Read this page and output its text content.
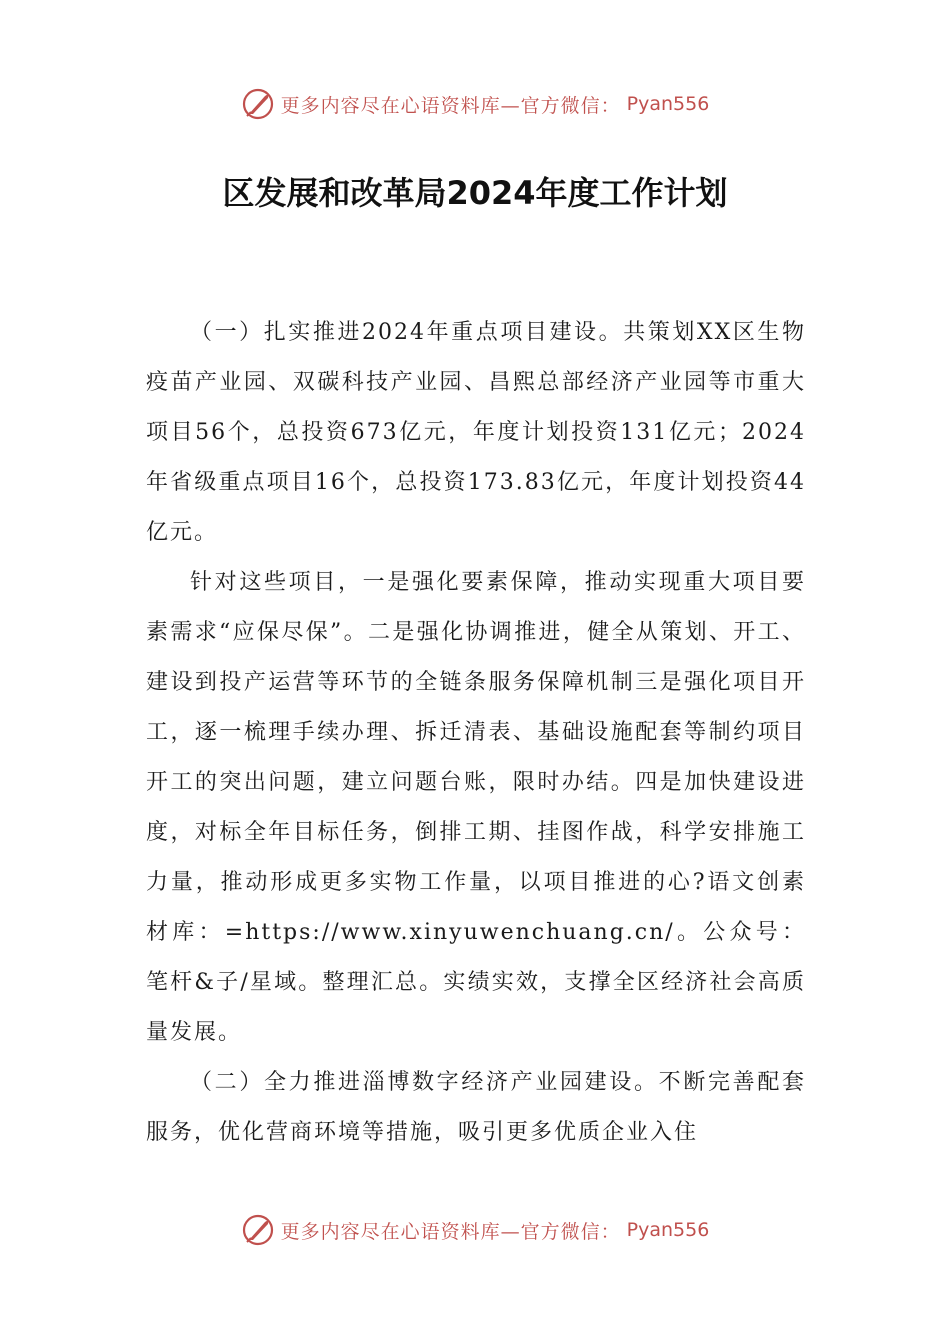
更多内容尽在心语资料库—官方微信： Pyan556
区发展和改革局2024年度工作计划

（一）扎实推进2024年重点项目建设。共策划XX区生物疫苗产业园、双碳科技产业园、昌熙总部经济产业园等市重大项目56个，总投资673亿元，年度计划投资131亿元；2024年省级重点项目16个，总投资173.83亿元，年度计划投资44亿元。

针对这些项目，一是强化要素保障，推动实现重大项目要素需求“应保尽保”。二是强化协调推进，健全从策划、开工、建设到投产运营等环节的全链条服务保障机制三是强化项目开工，逐一梳理手续办理、拆迁清表、基础设施配套等制约项目开工的突出问题，建立问题台账，限时办结。四是加快建设进度，对标全年目标任务，倒排工期、挂图作战，科学安排施工力量，推动形成更多实物工作量，以项目推进的心?语文创素材库：=https://www.xinyuwenchuang.cn/。公众号：笔杆&子/星域。整理汇总。实绩实效，支撑全区经济社会高质量发展。

（二）全力推进淄博数字经济产业园建设。不断完善配套服务，优化营商环境等措施，吸引更多优质企业入住

更多内容尽在心语资料库—官方微信： Pyan556
